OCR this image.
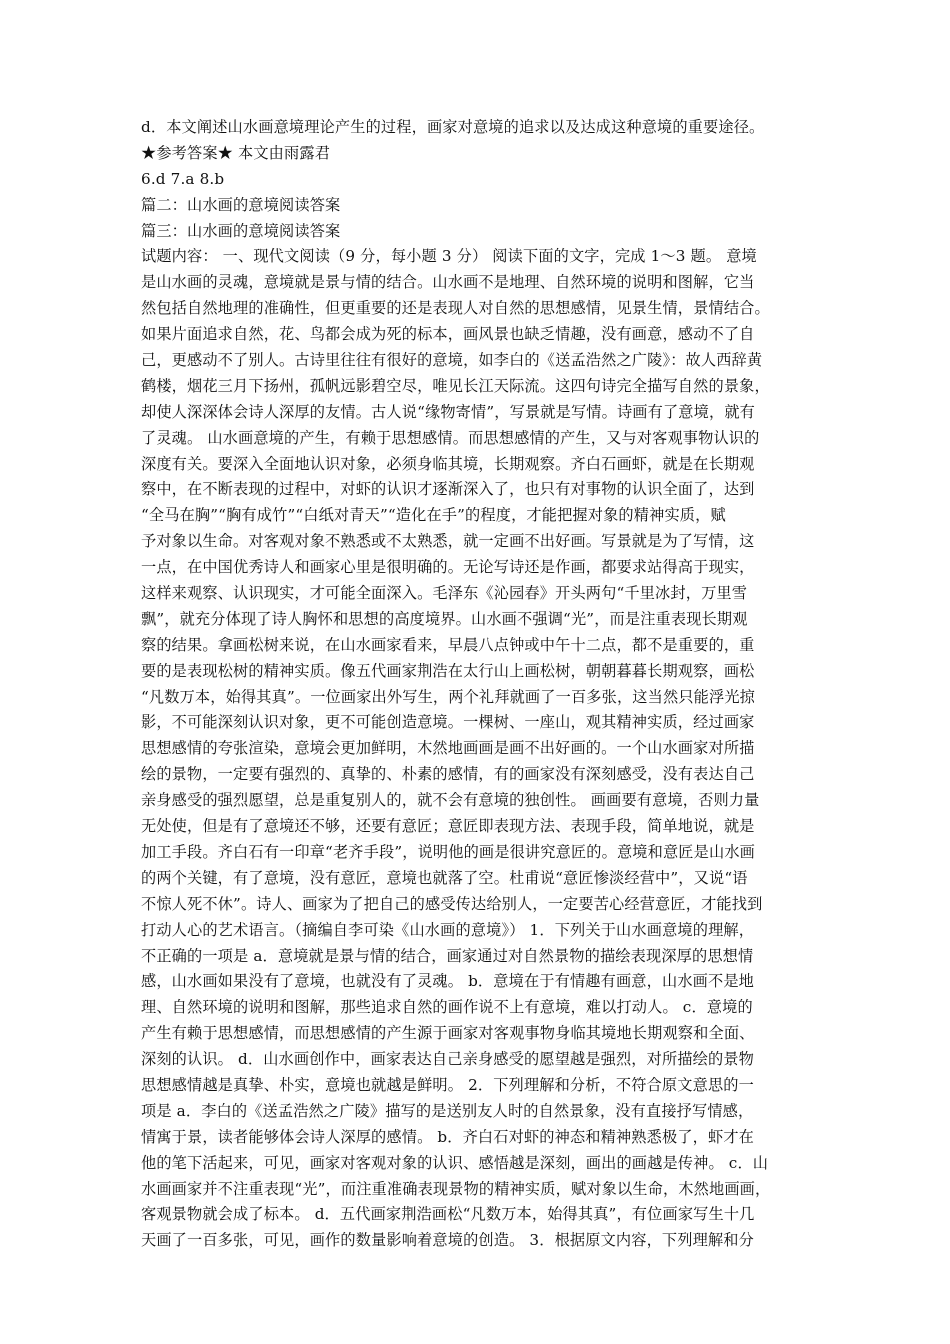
d．本文阐述山水画意境理论产生的过程，画家对意境的追求以及达成这种意境的重要途径。
★参考答案★ 本文由雨露君
6.d 7.a 8.b
篇二：山水画的意境阅读答案
篇三：山水画的意境阅读答案
试题内容： 一、现代文阅读（9 分，每小题 3 分） 阅读下面的文字，完成 1～3 题。 意境
是山水画的灵魂，意境就是景与情的结合。山水画不是地理、自然环境的说明和图解，它当
然包括自然地理的准确性，但更重要的还是表现人对自然的思想感情，见景生情，景情结合。
如果片面追求自然，花、鸟都会成为死的标本，画风景也缺乏情趣，没有画意，感动不了自
己，更感动不了别人。古诗里往往有很好的意境，如李白的《送孟浩然之广陵》：故人西辞黄
鹤楼，烟花三月下扬州，孤帆远影碧空尽，唯见长江天际流。这四句诗完全描写自然的景象，
却使人深深体会诗人深厚的友情。古人说“缘物寄情”，写景就是写情。诗画有了意境，就有
了灵魂。 山水画意境的产生，有赖于思想感情。而思想感情的产生，又与对客观事物认识的
深度有关。要深入全面地认识对象，必须身临其境，长期观察。齐白石画虾，就是在长期观
察中，在不断表现的过程中，对虾的认识才逐渐深入了，也只有对事物的认识全面了，达到
“全马在胸”“胸有成竹”“白纸对青天”“造化在手”的程度，才能把握对象的精神实质，赋
予对象以生命。对客观对象不熟悉或不太熟悉，就一定画不出好画。写景就是为了写情，这
一点，在中国优秀诗人和画家心里是很明确的。无论写诗还是作画，都要求站得高于现实，
这样来观察、认识现实，才可能全面深入。毛泽东《沁园春》开头两句“千里冰封，万里雪
飘”，就充分体现了诗人胸怀和思想的高度境界。山水画不强调“光”，而是注重表现长期观
察的结果。拿画松树来说，在山水画家看来，早晨八点钟或中午十二点，都不是重要的，重
要的是表现松树的精神实质。像五代画家荆浩在太行山上画松树，朝朝暮暮长期观察，画松
“凡数万本，始得其真”。一位画家出外写生，两个礼拜就画了一百多张，这当然只能浮光掠
影，不可能深刻认识对象，更不可能创造意境。一棵树、一座山，观其精神实质，经过画家
思想感情的夸张渲染，意境会更加鲜明，木然地画画是画不出好画的。一个山水画家对所描
绘的景物，一定要有强烈的、真挚的、朴素的感情，有的画家没有深刻感受，没有表达自己
亲身感受的强烈愿望，总是重复别人的，就不会有意境的独创性。 画画要有意境，否则力量
无处使，但是有了意境还不够，还要有意匠；意匠即表现方法、表现手段，简单地说，就是
加工手段。齐白石有一印章“老齐手段”，说明他的画是很讲究意匠的。意境和意匠是山水画
的两个关键，有了意境，没有意匠，意境也就落了空。杜甫说“意匠惨淡经营中”，又说“语
不惊人死不休”。诗人、画家为了把自己的感受传达给别人，一定要苦心经营意匠，才能找到
打动人心的艺术语言。（摘编自李可染《山水画的意境》） 1．下列关于山水画意境的理解，
不正确的一项是 a．意境就是景与情的结合，画家通过对自然景物的描绘表现深厚的思想情
感，山水画如果没有了意境，也就没有了灵魂。 b．意境在于有情趣有画意，山水画不是地
理、自然环境的说明和图解，那些追求自然的画作说不上有意境，难以打动人。 c．意境的
产生有赖于思想感情，而思想感情的产生源于画家对客观事物身临其境地长期观察和全面、
深刻的认识。 d．山水画创作中，画家表达自己亲身感受的愿望越是强烈，对所描绘的景物
思想感情越是真挚、朴实，意境也就越是鲜明。 2．下列理解和分析，不符合原文意思的一
项是 a．李白的《送孟浩然之广陵》描写的是送别友人时的自然景象，没有直接抒写情感，
情寓于景，读者能够体会诗人深厚的感情。 b．齐白石对虾的神态和精神熟悉极了，虾才在
他的笔下活起来，可见，画家对客观对象的认识、感悟越是深刻，画出的画越是传神。 c．山
水画画家并不注重表现“光”，而注重准确表现景物的精神实质，赋对象以生命，木然地画画，
客观景物就会成了标本。 d．五代画家荆浩画松“凡数万本，始得其真”，有位画家写生十几
天画了一百多张，可见，画作的数量影响着意境的创造。 3．根据原文内容，下列理解和分
